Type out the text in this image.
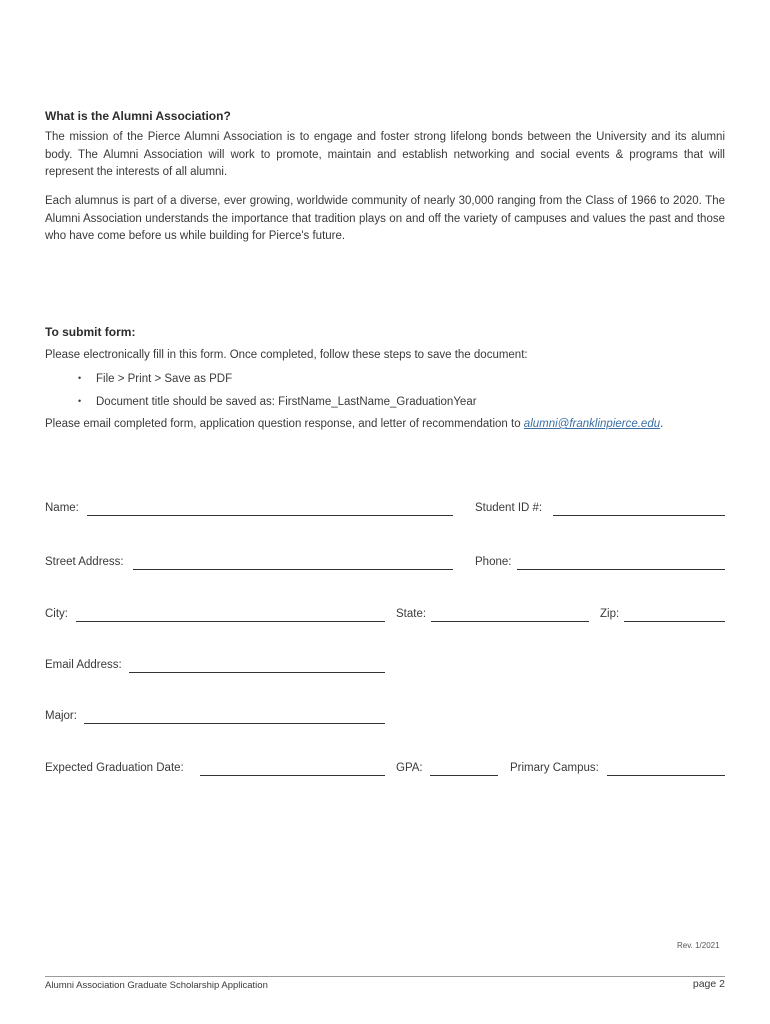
What is the Alumni Association?
The mission of the Pierce Alumni Association is to engage and foster strong lifelong bonds between the University and its alumni body. The Alumni Association will work to promote, maintain and establish networking and social events & programs that will represent the interests of all alumni.
Each alumnus is part of a diverse, ever growing, worldwide community of nearly 30,000 ranging from the Class of 1966 to 2020. The Alumni Association understands the importance that tradition plays on and off the variety of campuses and values the past and those who have come before us while building for Pierce's future.
To submit form:
Please electronically fill in this form. Once completed, follow these steps to save the document:
• File > Print > Save as PDF
• Document title should be saved as: FirstName_LastName_GraduationYear
Please email completed form, application question response, and letter of recommendation to alumni@franklinpierce.edu.
Name:	Student ID #:
Street Address:	Phone:
City:	State:	Zip:
Email Address:
Major:
Expected Graduation Date:	GPA:	Primary Campus:
Rev. 1/2021
Alumni Association Graduate Scholarship Application	page 2
